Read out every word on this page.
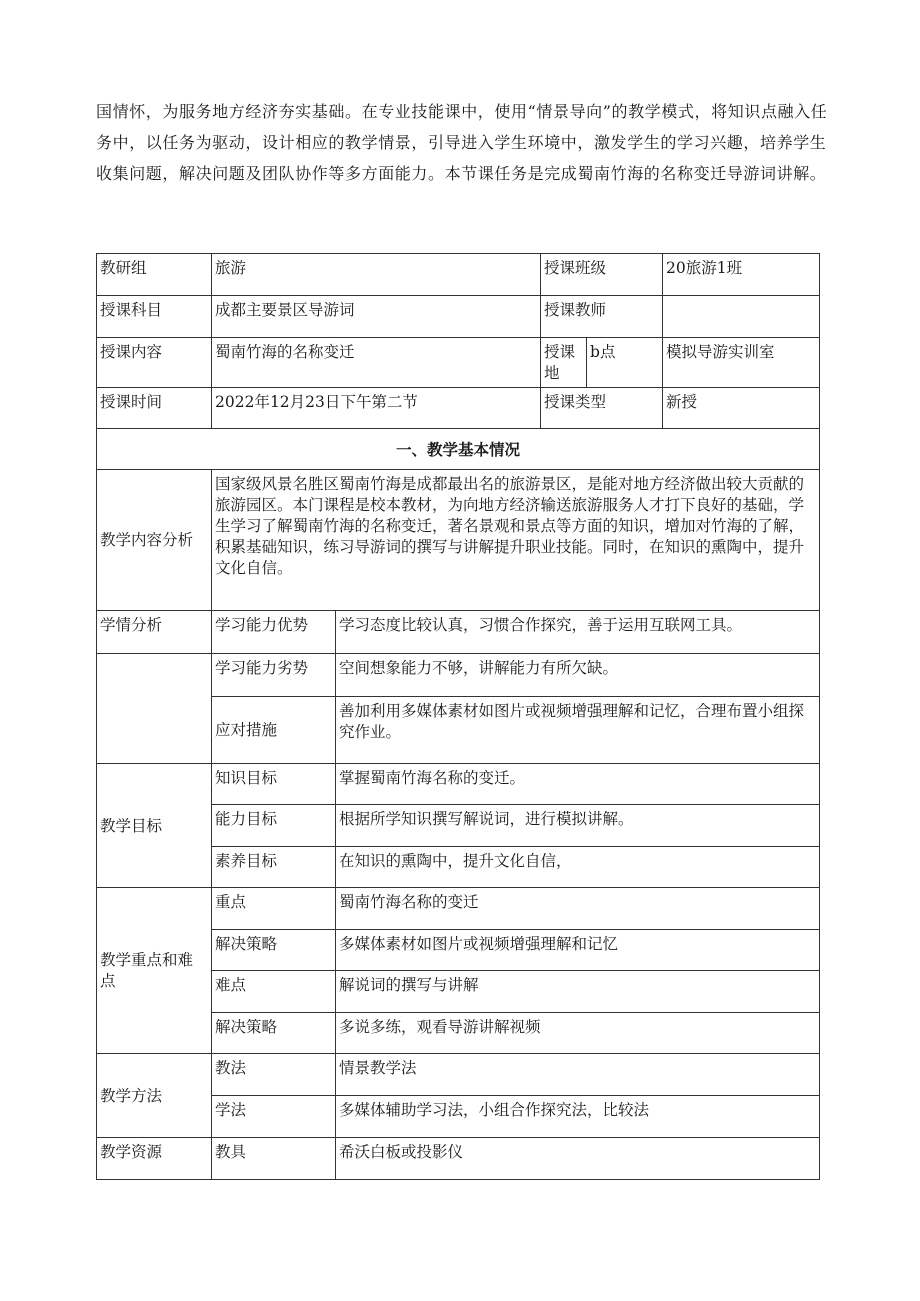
国情怀，为服务地方经济夯实基础。在专业技能课中，使用“情景导向”的教学模式，将知识点融入任务中，以任务为驱动，设计相应的教学情景，引导进入学生环境中，激发学生的学习兴趣，培养学生收集问题，解决问题及团队协作等多方面能力。本节课任务是完成蜀南竹海的名称变迁导游词讲解。

教研组	旅游		授课班级		20旅游1班
授课科目	成都主要景区导游词		授课教师		
授课内容	蜀南竹海的名称变迁		授课地	b点	模拟导游实训室
授课时间	2022年12月23日下午第二节		授课类型		新授
一、教学基本情况					
教学内容分析	国家级风景名胜区蜀南竹海是成都最出名的旅游景区，是能对地方经济做出较大贡献的旅游园区。本门课程是校本教材，为向地方经济输送旅游服务人才打下良好的基础，学生学习了解蜀南竹海的名称变迁，著名景观和景点等方面的知识，增加对竹海的了解，积累基础知识，练习导游词的撰写与讲解提升职业技能。同时，在知识的熏陶中，提升文化自信。				
学情分析	学习能力优势	学习态度比较认真，习惯合作探究，善于运用互联网工具。			
	学习能力劣势	空间想象能力不够，讲解能力有所欠缺。			
	应对措施	善加利用多媒体素材如图片或视频增强理解和记忆，合理布置小组探究作业。			
教学目标	知识目标	掌握蜀南竹海名称的变迁。			
	能力目标	根据所学知识撰写解说词，进行模拟讲解。			
	素养目标	在知识的熏陶中，提升文化自信，			
教学重点和难点	重点	蜀南竹海名称的变迁			
	解决策略	多媒体素材如图片或视频增强理解和记忆			
	难点	解说词的撰写与讲解			
	解决策略	多说多练，观看导游讲解视频			
教学方法	教法	情景教学法			
	学法	多媒体辅助学习法，小组合作探究法，比较法			
教学资源	教具	希沃白板或投影仪			
